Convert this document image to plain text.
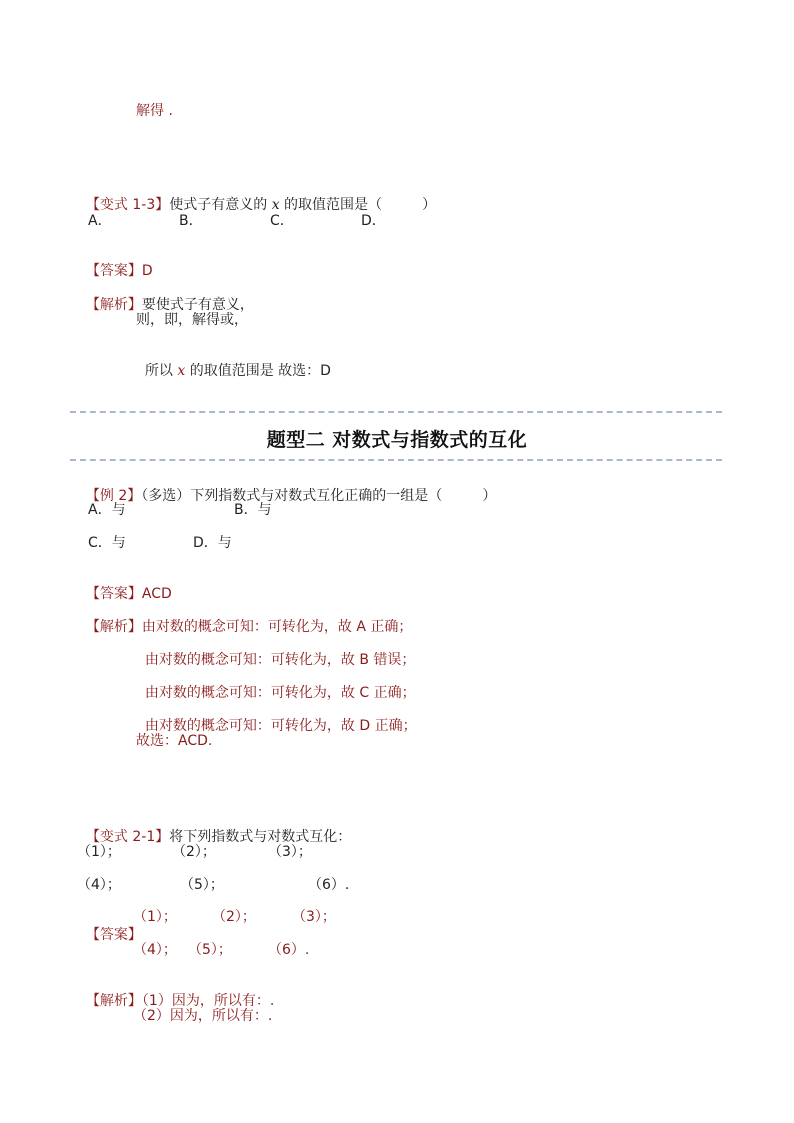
解得 .

【变式 1-3】使式子有意义的 x 的取值范围是（         ）

A．	B．	C．	D．

【答案】D

【解析】要使式子有意义，

则，即，解得或，

所以 x 的取值范围是 故选：D

题型二 对数式与指数式的互化

【例 2】（多选）下列指数式与对数式互化正确的一组是（         ）

A．与	B．与
C．与	D．与

【答案】ACD

【解析】由对数的概念可知：可转化为，故 A 正确；

由对数的概念可知：可转化为，故 B 错误；

由对数的概念可知：可转化为，故 C 正确；

由对数的概念可知：可转化为，故 D 正确；

故选：ACD.

【变式 2-1】将下列指数式与对数式互化：

（1）；	（2）；	（3）；
（4）；	（5）；	（6）.

【答案】

（1）；	（2）；	（3）；
（4）； （5）；	（6）.

【解析】（1）因为，所以有：.

（2）因为，所以有：.
